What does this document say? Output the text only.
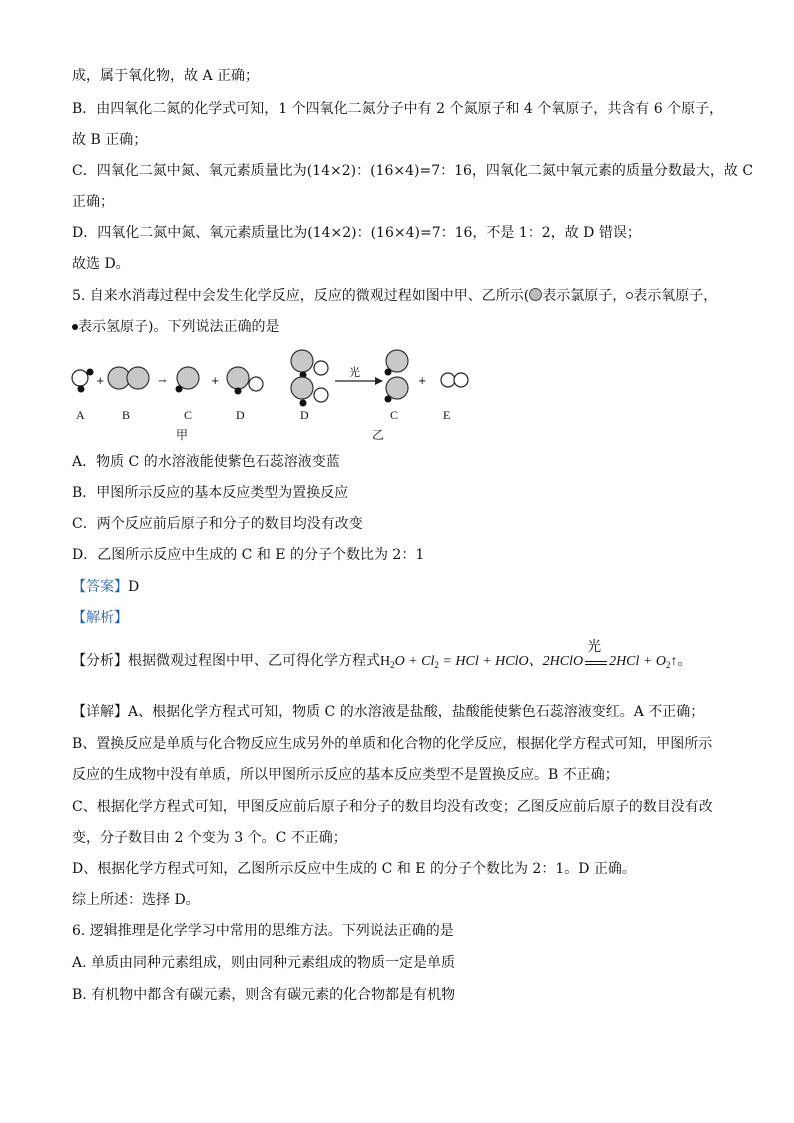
成，属于氧化物，故 A 正确；
B．由四氧化二氮的化学式可知，1 个四氧化二氮分子中有 2 个氮原子和 4 个氧原子，共含有 6 个原子，
故 B 正确；
C．四氧化二氮中氮、氧元素质量比为(14×2)：(16×4)=7：16，四氧化二氮中氧元素的质量分数最大，故 C
正确；
D．四氧化二氮中氮、氧元素质量比为(14×2)：(16×4)=7：16，不是 1：2，故 D 错误；
故选 D。
5. 自来水消毒过程中会发生化学反应，反应的微观过程如图中甲、乙所示( 表示氯原子， 表示氧原子，
表示氢原子)。下列说法正确的是
+	→	+
光
+
A	B	C	D	D	C	E
甲	乙
A．物质 C 的水溶液能使紫色石蕊溶液变蓝
B．甲图所示反应的基本反应类型为置换反应
C．两个反应前后原子和分子的数目均没有改变
D．乙图所示反应中生成的 C 和 E 的分子个数比为 2：1
【答案】D
【解析】
【分析】根据微观过程图中甲、乙可得化学方程式$H_2O + Cl_2$ = HCl + HClO、2HClO
光
$2HCl + O_2↑$。
【详解】A、根据化学方程式可知，物质 C 的水溶液是盐酸，盐酸能使紫色石蕊溶液变红。A 不正确；
B、置换反应是单质与化合物反应生成另外的单质和化合物的化学反应，根据化学方程式可知，甲图所示
反应的生成物中没有单质，所以甲图所示反应的基本反应类型不是置换反应。B 不正确；
C、根据化学方程式可知，甲图反应前后原子和分子的数目均没有改变；乙图反应前后原子的数目没有改
变，分子数目由 2 个变为 3 个。C 不正确；
D、根据化学方程式可知，乙图所示反应中生成的 C 和 E 的分子个数比为 2：1。D 正确。
综上所述：选择 D。
6. 逻辑推理是化学学习中常用的思维方法。下列说法正确的是
A. 单质由同种元素组成，则由同种元素组成的物质一定是单质
B. 有机物中都含有碳元素，则含有碳元素的化合物都是有机物
